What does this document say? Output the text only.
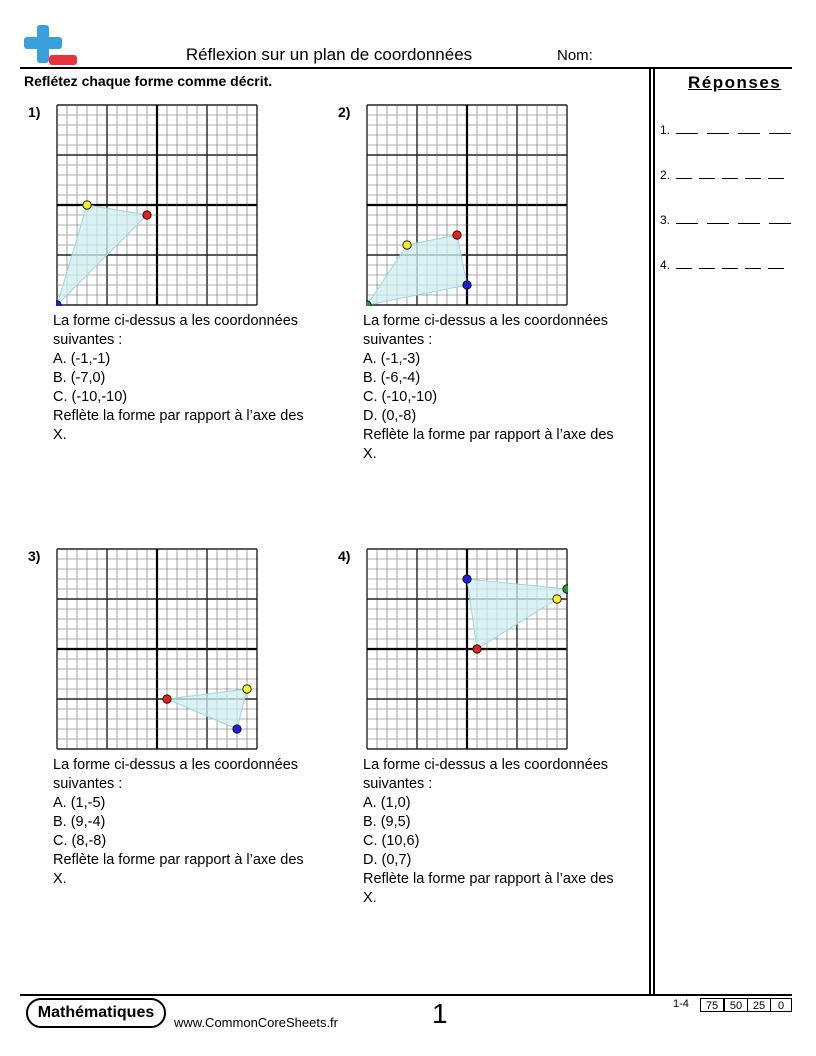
Réflexion sur un plan de coordonnées	Nom:
Reflétez chaque forme comme décrit.	Réponses
1.
2.
3.
4.
1)
La forme ci-dessus a les coordonnées
suivantes :
A. (-1,-1)
B. (-7,0)
C. (-10,-10)
Reflète la forme par rapport à l’axe des
X.
2)
La forme ci-dessus a les coordonnées
suivantes :
A. (-1,-3)
B. (-6,-4)
C. (-10,-10)
D. (0,-8)
Reflète la forme par rapport à l’axe des
X.
3)
La forme ci-dessus a les coordonnées
suivantes :
A. (1,-5)
B. (9,-4)
C. (8,-8)
Reflète la forme par rapport à l’axe des
X.
4)
La forme ci-dessus a les coordonnées
suivantes :
A. (1,0)
B. (9,5)
C. (10,6)
D. (0,7)
Reflète la forme par rapport à l’axe des
X.
Mathématiques
www.CommonCoreSheets.fr	1	1-4	75	50 25	0
